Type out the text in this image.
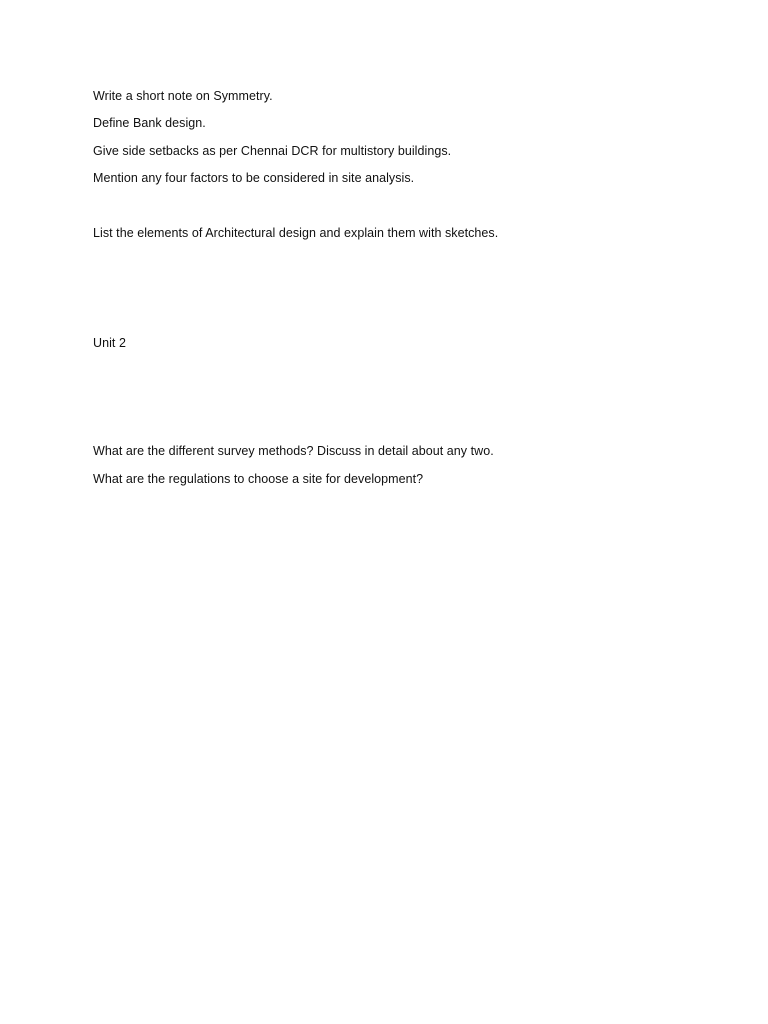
Write a short note on Symmetry.
Define Bank design.
Give side setbacks as per Chennai DCR for multistory buildings.
Mention any four factors to be considered in site analysis.
List the elements of Architectural design and explain them with sketches.
Unit 2
What are the different survey methods? Discuss in detail about any two.
What are the regulations to choose a site for development?
